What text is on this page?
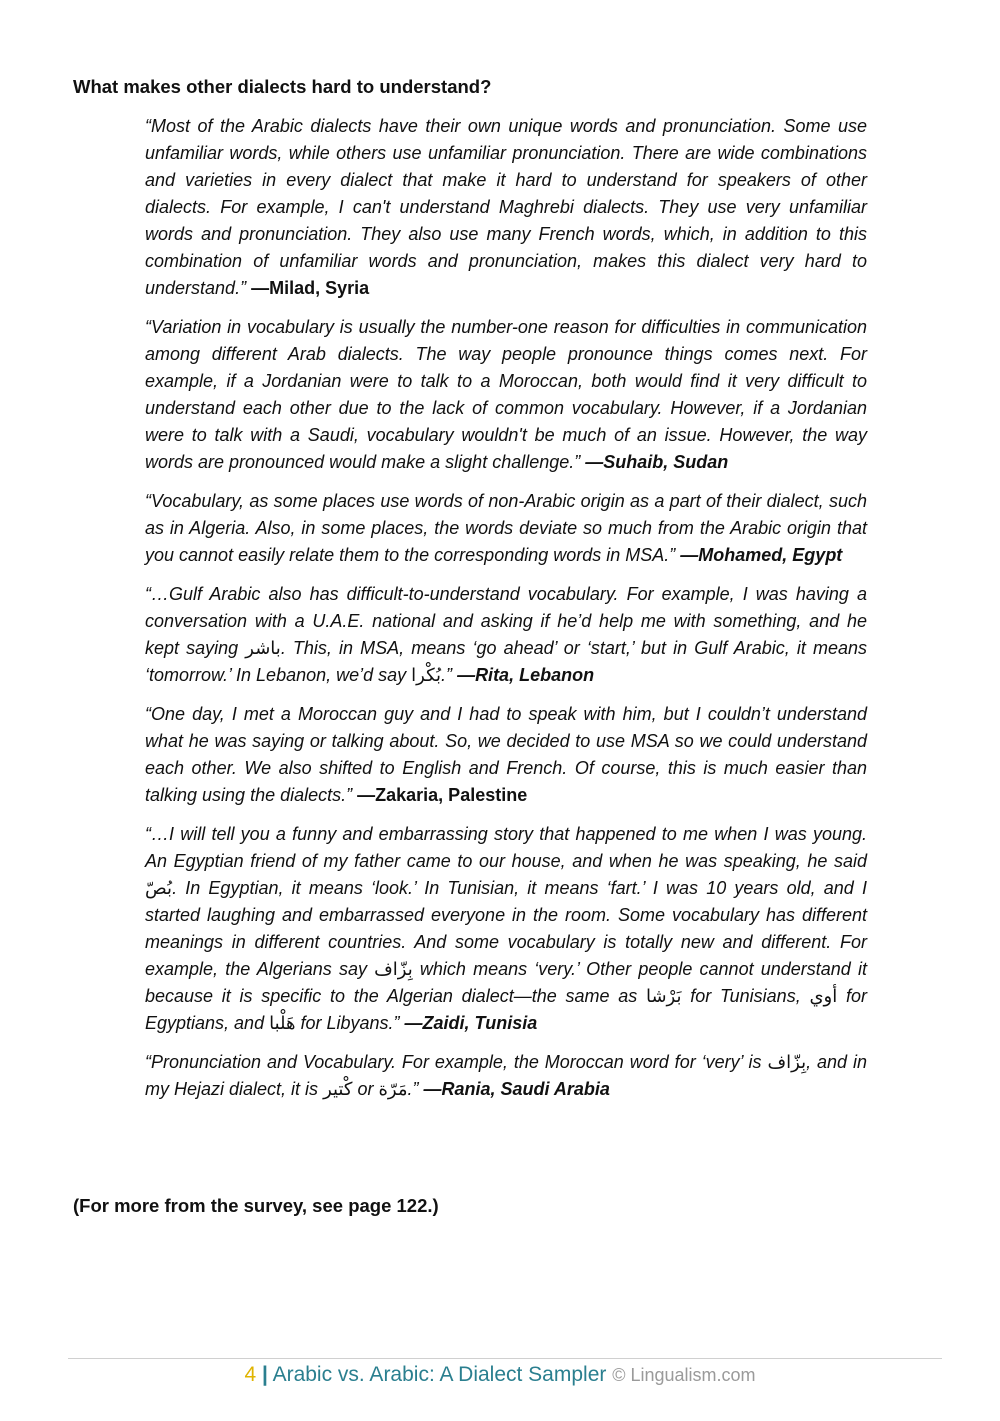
What makes other dialects hard to understand?

“Most of the Arabic dialects have their own unique words and pronunciation. Some use unfamiliar words, while others use unfamiliar pronunciation. There are wide combinations and varieties in every dialect that make it hard to understand for speakers of other dialects. For example, I can't understand Maghrebi dialects. They use very unfamiliar words and pronunciation. They also use many French words, which, in addition to this combination of unfamiliar words and pronunciation, makes this dialect very hard to understand.” —Milad, Syria

“Variation in vocabulary is usually the number-one reason for difficulties in communication among different Arab dialects. The way people pronounce things comes next. For example, if a Jordanian were to talk to a Moroccan, both would find it very difficult to understand each other due to the lack of common vocabulary. However, if a Jordanian were to talk with a Saudi, vocabulary wouldn't be much of an issue. However, the way words are pronounced would make a slight challenge.” —Suhaib, Sudan

“Vocabulary, as some places use words of non-Arabic origin as a part of their dialect, such as in Algeria. Also, in some places, the words deviate so much from the Arabic origin that you cannot easily relate them to the corresponding words in MSA.” —Mohamed, Egypt

“…Gulf Arabic also has difficult-to-understand vocabulary. For example, I was having a conversation with a U.A.E. national and asking if he’d help me with something, and he kept saying باشر. This, in MSA, means ‘go ahead’ or ‘start,’ but in Gulf Arabic, it means ‘tomorrow.’ In Lebanon, we’d say بُكْرا.” —Rita, Lebanon

“One day, I met a Moroccan guy and I had to speak with him, but I couldn’t understand what he was saying or talking about. So, we decided to use MSA so we could understand each other. We also shifted to English and French. Of course, this is much easier than talking using the dialects.” —Zakaria, Palestine

“…I will tell you a funny and embarrassing story that happened to me when I was young. An Egyptian friend of my father came to our house, and when he was speaking, he said بُصّ. In Egyptian, it means ‘look.’ In Tunisian, it means ‘fart.’ I was 10 years old, and I started laughing and embarrassed everyone in the room. Some vocabulary has different meanings in different countries. And some vocabulary is totally new and different. For example, the Algerians say بِزّاف which means ‘very.’ Other people cannot understand it because it is specific to the Algerian dialect—the same as بَرْشا for Tunisians, أوي for Egyptians, and هَلْبا for Libyans.” —Zaidi, Tunisia

“Pronunciation and Vocabulary. For example, the Moroccan word for ‘very’ is بِزّاف, and in my Hejazi dialect, it is كْتير or مَرّة.” —Rania, Saudi Arabia

(For more from the survey, see page 122.)

4 | Arabic vs. Arabic: A Dialect Sampler © Lingualism.com
